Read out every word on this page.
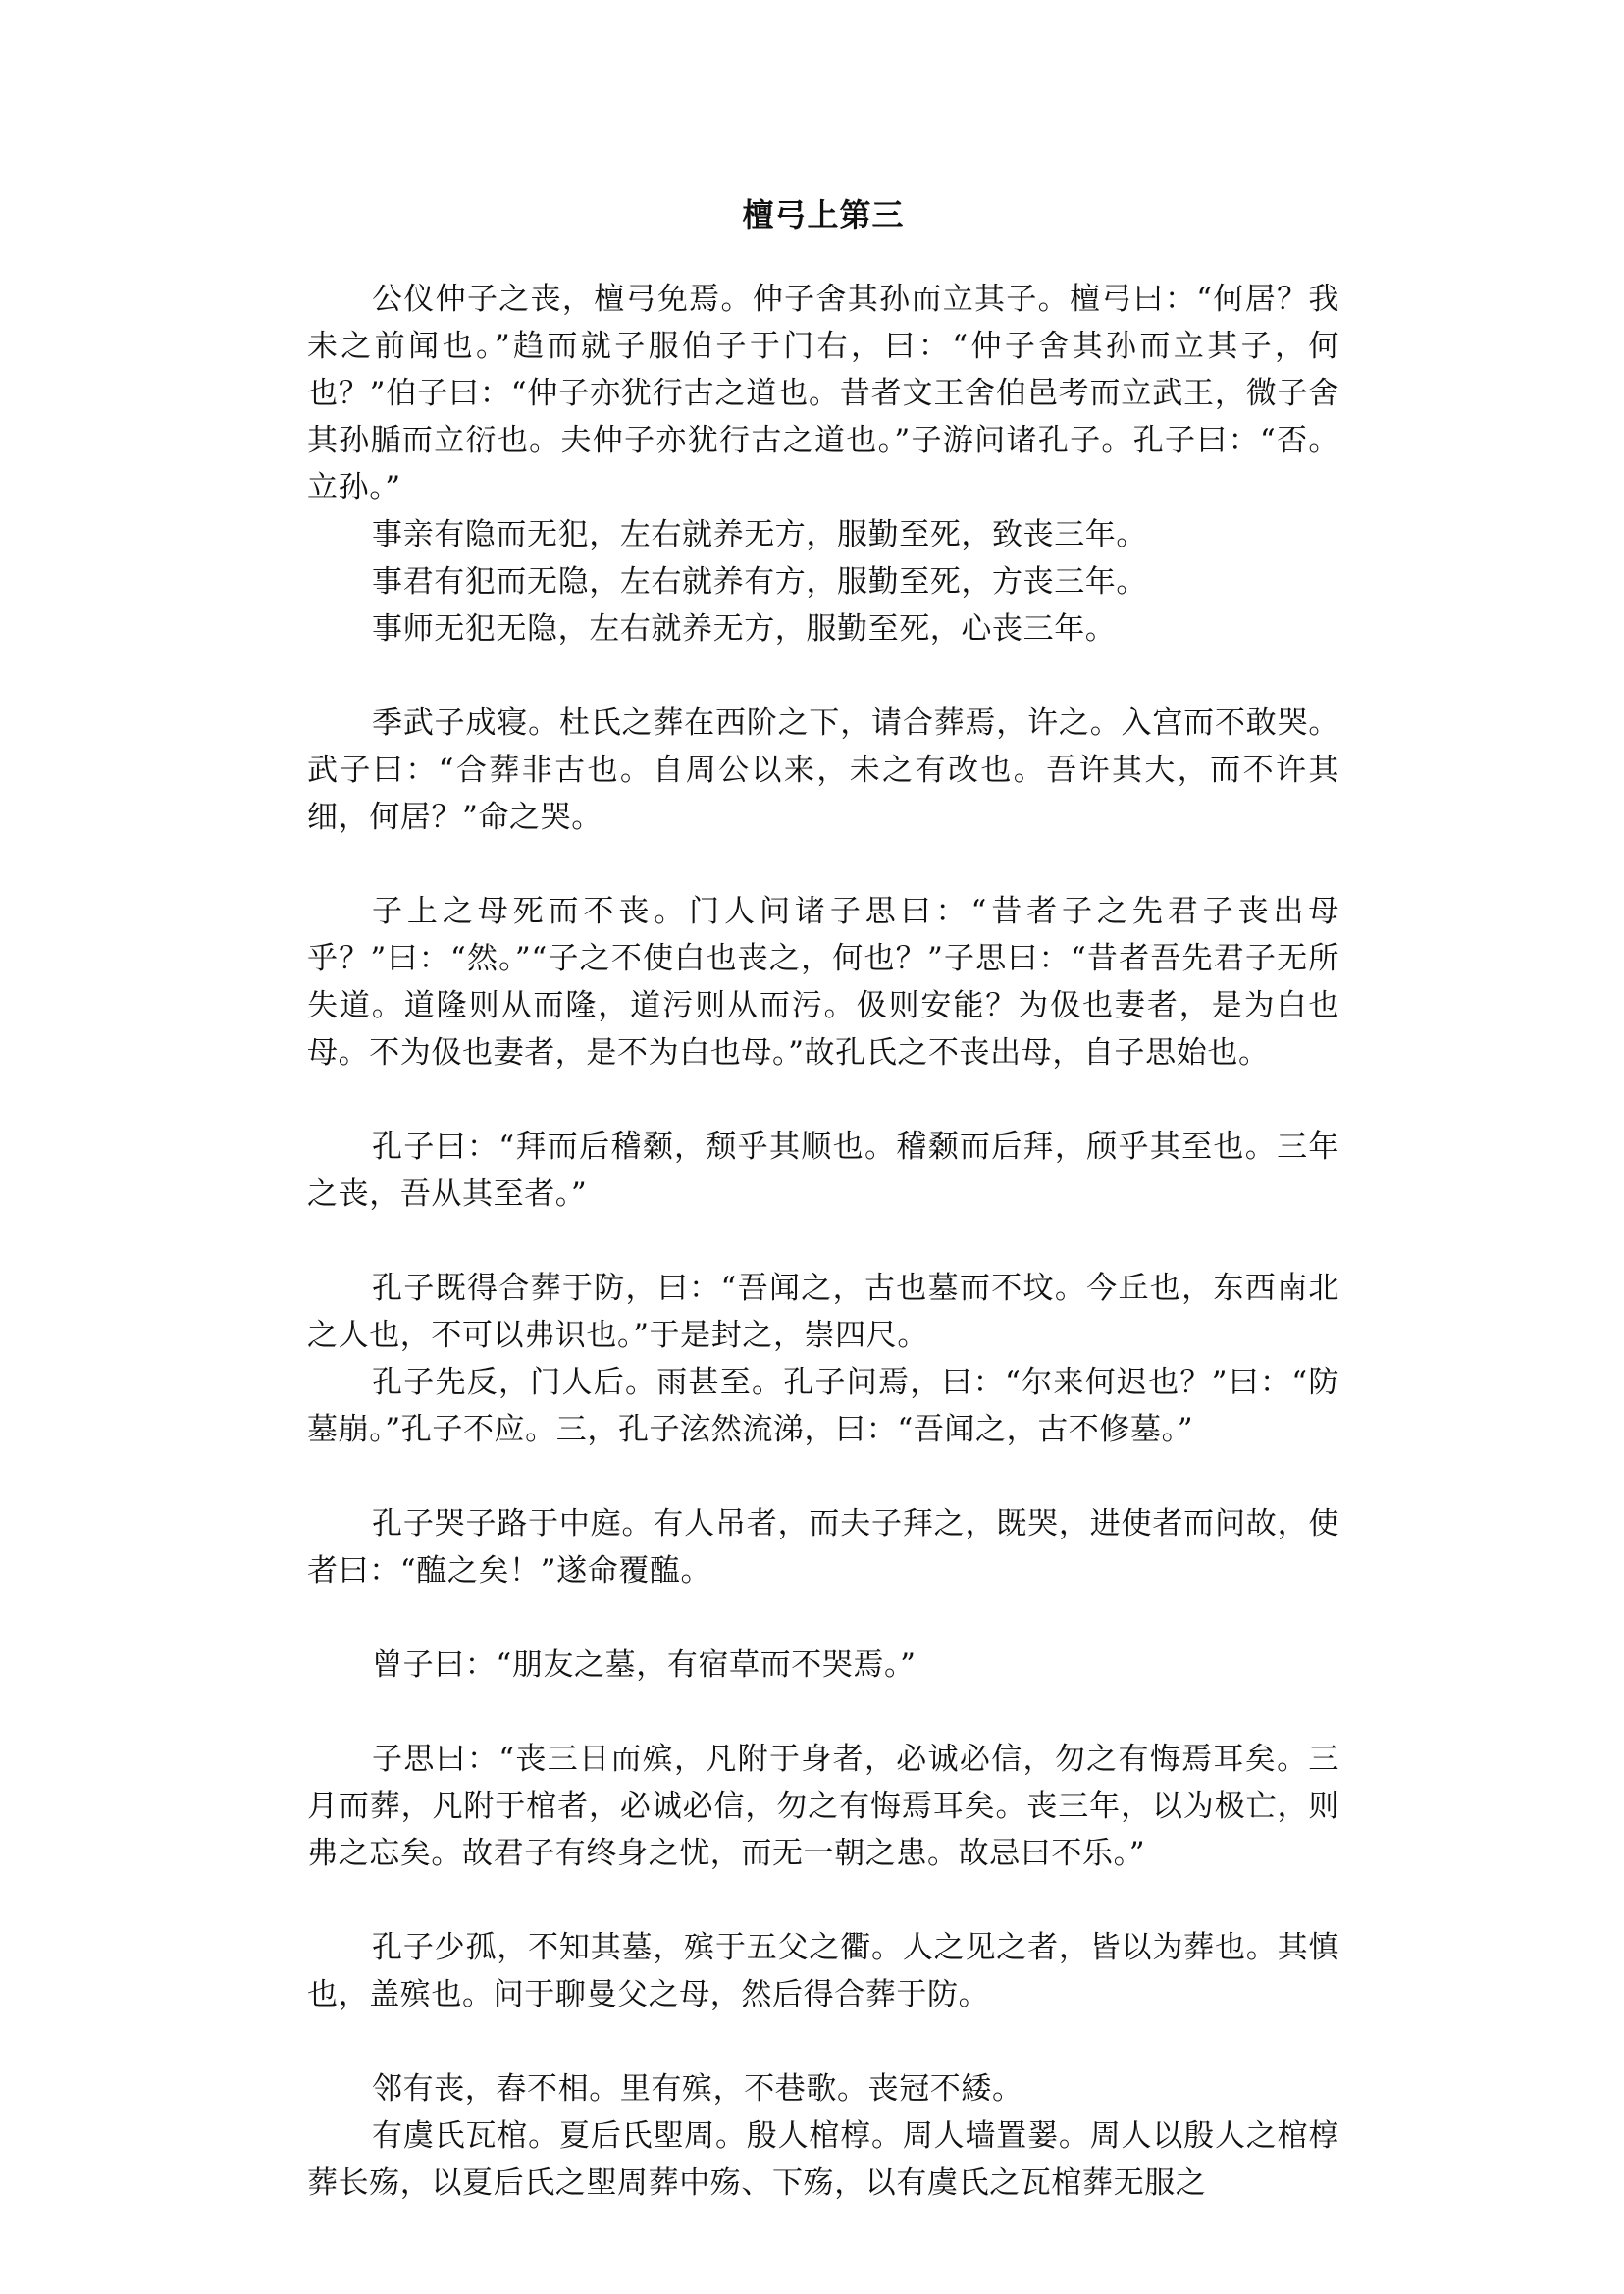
檀弓上第三

公仪仲子之丧，檀弓免焉。仲子舍其孙而立其子。檀弓曰：“何居？我未之前闻也。”趋而就子服伯子于门右，曰：“仲子舍其孙而立其子，何也？”伯子曰：“仲子亦犹行古之道也。昔者文王舍伯邑考而立武王，微子舍其孙腯而立衍也。夫仲子亦犹行古之道也。”子游问诸孔子。孔子曰：“否。立孙。”

事亲有隐而无犯，左右就养无方，服勤至死，致丧三年。

事君有犯而无隐，左右就养有方，服勤至死，方丧三年。

事师无犯无隐，左右就养无方，服勤至死，心丧三年。

季武子成寝。杜氏之葬在西阶之下，请合葬焉，许之。入宫而不敢哭。武子曰：“合葬非古也。自周公以来，未之有改也。吾许其大，而不许其细，何居？”命之哭。

子上之母死而不丧。门人问诸子思曰：“昔者子之先君子丧出母乎？”曰：“然。”“子之不使白也丧之，何也？”子思曰：“昔者吾先君子无所失道。道隆则从而隆，道污则从而污。伋则安能？为伋也妻者，是为白也母。不为伋也妻者，是不为白也母。”故孔氏之不丧出母，自子思始也。

孔子曰：“拜而后稽颡，颓乎其顺也。稽颡而后拜，颀乎其至也。三年之丧，吾从其至者。”

孔子既得合葬于防，曰：“吾闻之，古也墓而不坟。今丘也，东西南北之人也，不可以弗识也。”于是封之，崇四尺。

孔子先反，门人后。雨甚至。孔子问焉，曰：“尔来何迟也？”曰：“防墓崩。”孔子不应。三，孔子泫然流涕，曰：“吾闻之，古不修墓。”

孔子哭子路于中庭。有人吊者，而夫子拜之，既哭，进使者而问故，使者曰：“醢之矣！”遂命覆醢。

曾子曰：“朋友之墓，有宿草而不哭焉。”

子思曰：“丧三日而殡，凡附于身者，必诚必信，勿之有悔焉耳矣。三月而葬，凡附于棺者，必诚必信，勿之有悔焉耳矣。丧三年，以为极亡，则弗之忘矣。故君子有终身之忧，而无一朝之患。故忌曰不乐。”

孔子少孤，不知其墓，殡于五父之衢。人之见之者，皆以为葬也。其慎也，盖殡也。问于聊曼父之母，然后得合葬于防。

邻有丧，舂不相。里有殡，不巷歌。丧冠不緌。

有虞氏瓦棺。夏后氏堲周。殷人棺椁。周人墙置翣。周人以殷人之棺椁葬长殇，以夏后氏之堲周葬中殇、下殇，以有虞氏之瓦棺葬无服之
